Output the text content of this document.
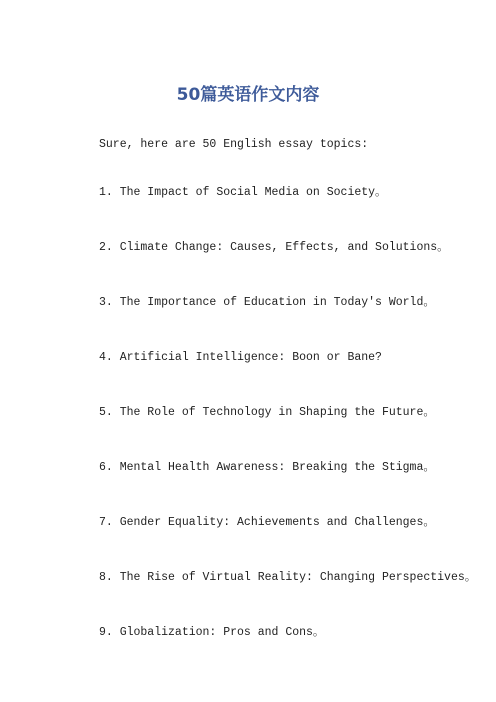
50篇英语作文内容
Sure, here are 50 English essay topics:
1. The Impact of Social Media on Society。
2. Climate Change: Causes, Effects, and Solutions。
3. The Importance of Education in Today's World。
4. Artificial Intelligence: Boon or Bane?
5. The Role of Technology in Shaping the Future。
6. Mental Health Awareness: Breaking the Stigma。
7. Gender Equality: Achievements and Challenges。
8. The Rise of Virtual Reality: Changing Perspectives。
9. Globalization: Pros and Cons。
